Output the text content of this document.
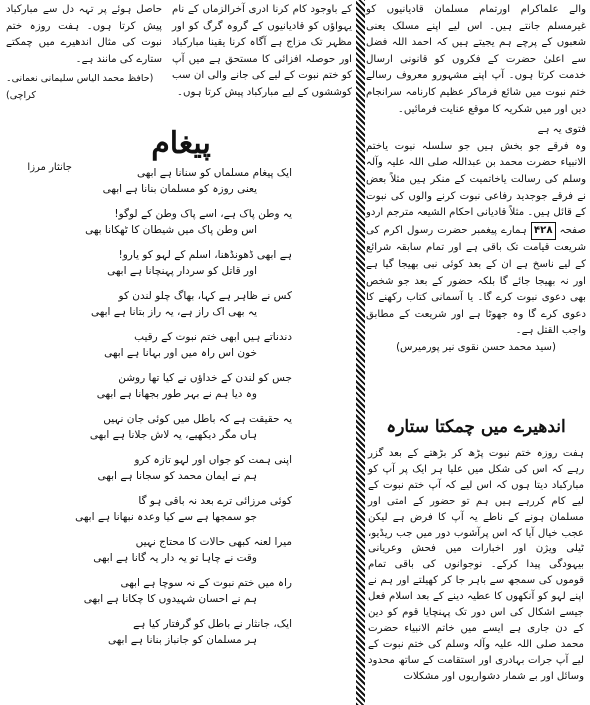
والے علماکرام اورتمام مسلمان قادیانیوں کو غیرمسلم جانتے ہیں۔ اس لیے اپنے مسلک یعنی شعبوں کے پرچے ہم یجیتے ہیں کہ احمد اللہ فضل سے اعلیٰ حضرت کے فکروں کو قانونی ارسال خدمت کرتا ہوں۔ آپ اپنے مشہورو معروف رسالے ختم نبوت میں شائع فرماکر عظیم کارنامہ سرانجام دیں اور میں شکریہ کا موقع عنایت فرمائیں۔

فتوی یہ ہے

وہ فرقے جو بخش ہیں جو سلسلہ نبوت یاختم الانبیاء حضرت محمد بن عبداللہ صلی اللہ علیہ وآلہ وسلم کی رسالت یاخاتمیت کے منکر ہیں مثلاً بعض نے فرقے جوجدید رفاعی نبوت کرنے والوں کی نبوت کے قائل ہیں۔ مثلاً قادیانی احکام الشیعہ مترجم اردو صفحہ ۴۲۸ ہمارے پیغمبر حضرت رسول اکرم کی شریعت قیامت تک باقی ہے اور تمام سابقہ شرائع کے لیے ناسخ ہے ان کے بعد کوئی نبی بھیجا گیا ہے اور نہ بھیجا جائے گا بلکہ حضور کے بعد جو شخص بھی دعوی نبوت کرے گا۔ یا آسمانی کتاب رکھنے کا دعوی کرے گا وہ جھوٹا ہے اور شریعت کے مطابق واجب القتل ہے۔

(سید محمد حسن نقوی نیر پورمیرس)

کے باوجود کام کرنا ادری آخرالزماں کے نام یہواؤں کو قادیانیوں کے گروہ گرگ کو اور مظہر تک مزاج ہے آگاہ کرنا یقینا مبارکباد اور حوصلہ افزائی کا مستحق ہے میں آپ کو ختم نبوت کے لیے کی جانے والی ان سب کوششوں کے لیے مبارکباد پیش کرتا ہوں۔

حاصل ہوئے پر تہہ دل سے مبارکباد پیش کرتا ہوں۔ ہفت روزہ ختم نبوت کی مثال اندھیرے میں چمکتے ستارے کی مانند ہے۔

(حافظ محمد الیاس سلیمانی نعمانی۔ کراچی)
پیغام
جانثار مرزا	ایک پیغام مسلماں کو سنانا ہے ابھی
یعنی روزہ کو مسلمان بنانا ہے ابھی
یہ وطن پاک ہے، اسے پاک وطن کے لوگو!
اس وطن پاک میں شیطان کا ٹھکانا بھی
ہے ابھی ڈھونڈھنا، اسلم کے لہو کو یارو!
اور قاتل کو سردار پہنچانا ہے ابھی
کس نے ظاہر ہے کہا، بھاگ چلو لندن کو
یہ بھی اک راز ہے، یہ راز بتانا ہے ابھی
دندناتے ہیں ابھی ختم نبوت کے رقیب
خون اس راہ میں اور بہانا ہے ابھی
جس کو لندن کے خداؤں نے کیا تھا روشن
وہ دیا ہم نے بہر طور بجھانا ہے ابھی
یہ حقیقت ہے کہ باطل میں کوئی جان نہیں
ہاں مگر دیکھیے، یہ لاش جلانا ہے ابھی
اپنی ہمت کو جواں اور لہو تازہ کرو
ہم نے ایمان محمد کو سجانا ہے ابھی
کوئی مرزائی ترے بعد نہ باقی ہو گا
جو سمجھا ہے سے کیا وعدہ نبھانا ہے ابھی
میرا لعنہ کبھی حالات کا محتاج نہیں
وقت نے چاہا تو یہ دار یہ گانا ہے ابھی
راہ میں ختم نبوت کے نہ سوچا ہے ابھی
ہم نے احسان شہیدوں کا چکانا ہے ابھی
ایک، جانثار نے باطل کو گرفتار کیا ہے
ہر مسلمان کو جانباز بنانا ہے ابھی
اندھیرے میں چمکتا ستارہ

ہفت روزہ ختم نبوت پڑھ کر بڑھتے کے بعد گزر رہے کہ اس کی شکل میں علیا ہر ایک پر آپ کو مبارکباد دیتا ہوں کہ اس لیے کہ آپ ختم نبوت کے لیے کام کررہے ہیں ہم تو حضور کے امتی اور مسلمان ہونے کے ناطے یہ آپ کا فرض ہے لیکن عجب خیال آیا کہ اس پرآشوب دور میں جب ریڈیو، ٹیلی ویژن اور اخبارات میں فحش وعریانی بیہودگی پیدا کرکے۔ نوجوانوں کی باقی تمام قوموں کی سمجھ سے باہر جا کر کھیلتے اور ہم نے اپنے لہو کو آنکھوں کا عطیہ دینے کے بعد اسلام فعل جیسے اشکال کی اس دور تک پہنچایا قوم کو دین کے دن جاری ہے ایسے میں خاتم الانبیاء حضرت محمد صلی اللہ علیہ وآلہ وسلم کی ختم نبوت کے لیے آپ جرات بہادری اور استقامت کے ساتھ محدود وسائل اور بے شمار دشواریوں اور مشکلات
